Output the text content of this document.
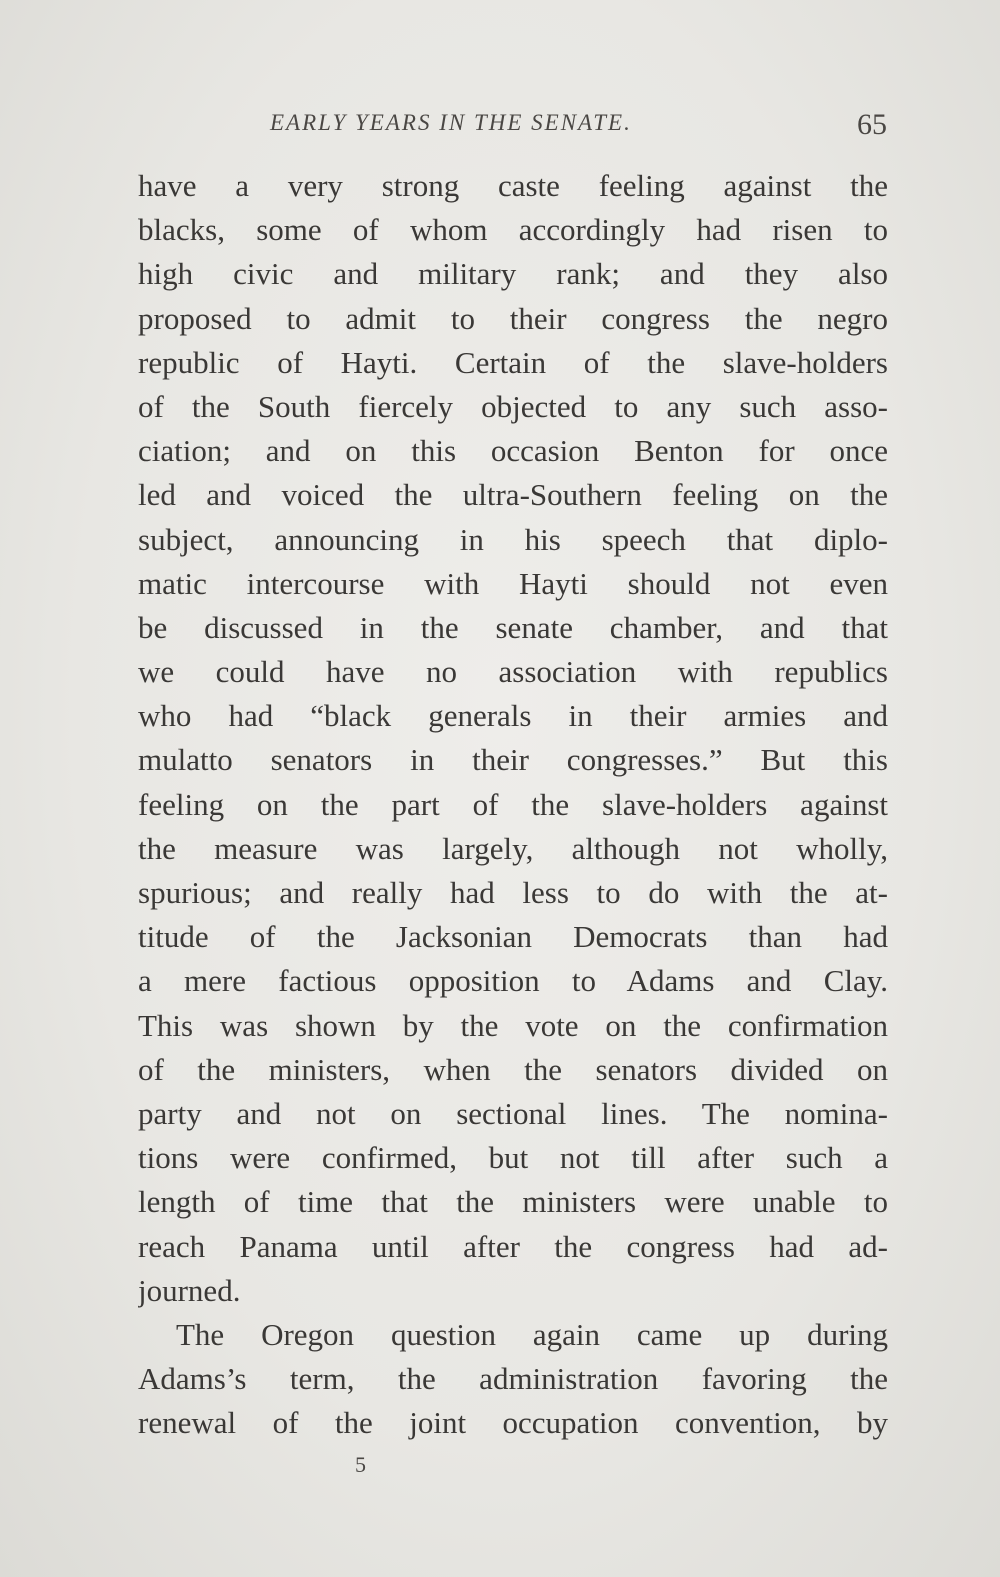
EARLY YEARS IN THE SENATE.	65
have a very strong caste feeling against the
blacks, some of whom accordingly had risen to
high civic and military rank; and they also
proposed to admit to their congress the negro
republic of Hayti. Certain of the slave-holders
of the South fiercely objected to any such asso-
ciation; and on this occasion Benton for once
led and voiced the ultra-Southern feeling on the
subject, announcing in his speech that diplo-
matic intercourse with Hayti should not even
be discussed in the senate chamber, and that
we could have no association with republics
who had “black generals in their armies and
mulatto senators in their congresses.” But this
feeling on the part of the slave-holders against
the measure was largely, although not wholly,
spurious; and really had less to do with the at-
titude of the Jacksonian Democrats than had
a mere factious opposition to Adams and Clay.
This was shown by the vote on the confirmation
of the ministers, when the senators divided on
party and not on sectional lines. The nomina-
tions were confirmed, but not till after such a
length of time that the ministers were unable to
reach Panama until after the congress had ad-
journed.
The Oregon question again came up during
Adams’s term, the administration favoring the
renewal of the joint occupation convention, by
5
